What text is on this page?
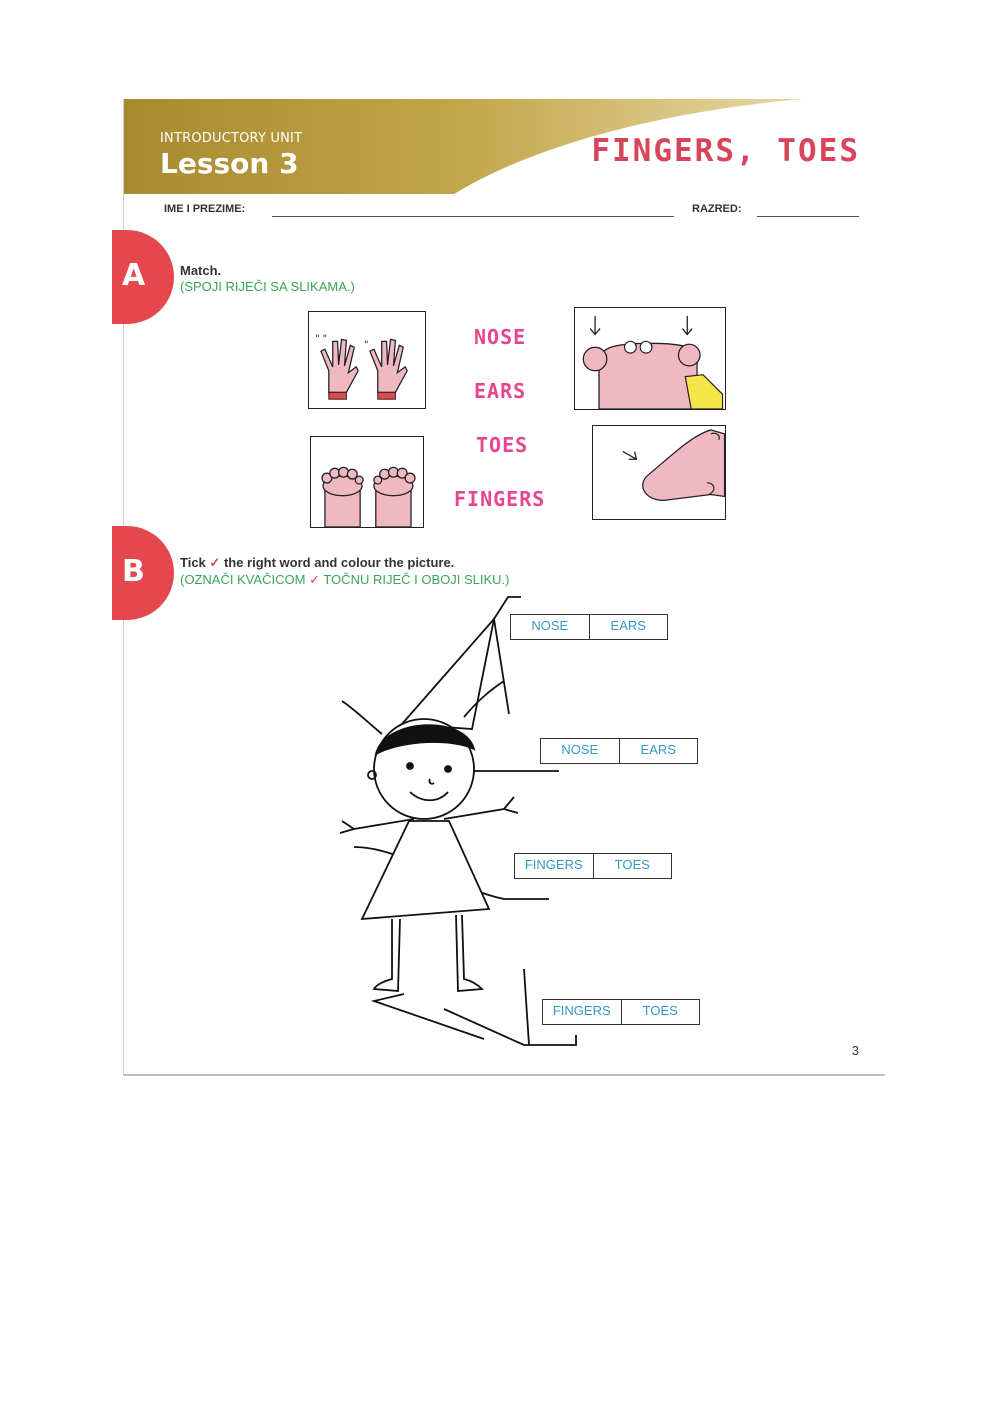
INTRODUCTORY UNIT
Lesson 3	FINGERS, TOES
IME I PREZIME:	RAZRED:
A	Match.
(SPOJI RIJEČI SA SLIKAMA.)
" "
"	NOSE
EARS
TOES
FINGERS
B	Tick ✓ the right word and colour the picture.
(OZNAČI KVAČICOM ✓ TOČNU RIJEČ I OBOJI SLIKU.)
NOSE	EARS
NOSE	EARS
FINGERS	TOES
FINGERS	TOES
3
